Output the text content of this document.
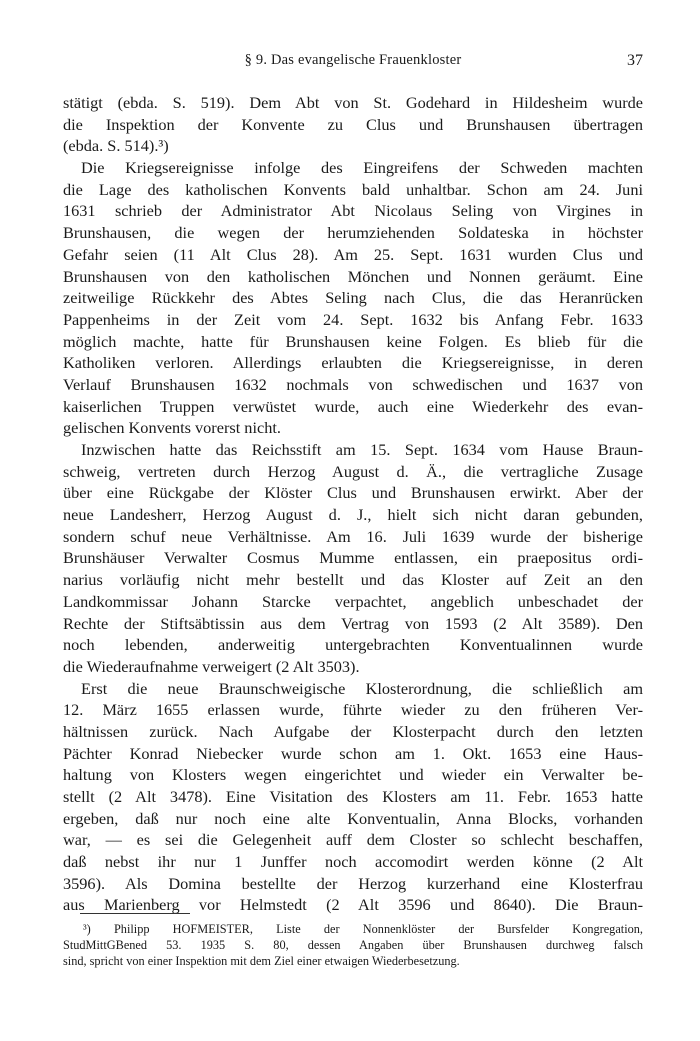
§ 9. Das evangelische Frauenkloster	37
stätigt (ebda. S. 519). Dem Abt von St. Godehard in Hildesheim wurde
die Inspektion der Konvente zu Clus und Brunshausen übertragen
(ebda. S. 514).³)
Die Kriegsereignisse infolge des Eingreifens der Schweden machten
die Lage des katholischen Konvents bald unhaltbar. Schon am 24. Juni
1631 schrieb der Administrator Abt Nicolaus Seling von Virgines in
Brunshausen, die wegen der herumziehenden Soldateska in höchster
Gefahr seien (11 Alt Clus 28). Am 25. Sept. 1631 wurden Clus und
Brunshausen von den katholischen Mönchen und Nonnen geräumt. Eine
zeitweilige Rückkehr des Abtes Seling nach Clus, die das Heranrücken
Pappenheims in der Zeit vom 24. Sept. 1632 bis Anfang Febr. 1633
möglich machte, hatte für Brunshausen keine Folgen. Es blieb für die
Katholiken verloren. Allerdings erlaubten die Kriegsereignisse, in deren
Verlauf Brunshausen 1632 nochmals von schwedischen und 1637 von
kaiserlichen Truppen verwüstet wurde, auch eine Wiederkehr des evan-
gelischen Konvents vorerst nicht.
Inzwischen hatte das Reichsstift am 15. Sept. 1634 vom Hause Braun-
schweig, vertreten durch Herzog August d. Ä., die vertragliche Zusage
über eine Rückgabe der Klöster Clus und Brunshausen erwirkt. Aber der
neue Landesherr, Herzog August d. J., hielt sich nicht daran gebunden,
sondern schuf neue Verhältnisse. Am 16. Juli 1639 wurde der bisherige
Brunshäuser Verwalter Cosmus Mumme entlassen, ein praepositus ordi-
narius vorläufig nicht mehr bestellt und das Kloster auf Zeit an den
Landkommissar Johann Starcke verpachtet, angeblich unbeschadet der
Rechte der Stiftsäbtissin aus dem Vertrag von 1593 (2 Alt 3589). Den
noch lebenden, anderweitig untergebrachten Konventualinnen wurde
die Wiederaufnahme verweigert (2 Alt 3503).
Erst die neue Braunschweigische Klosterordnung, die schließlich am
12. März 1655 erlassen wurde, führte wieder zu den früheren Ver-
hältnissen zurück. Nach Aufgabe der Klosterpacht durch den letzten
Pächter Konrad Niebecker wurde schon am 1. Okt. 1653 eine Haus-
haltung von Klosters wegen eingerichtet und wieder ein Verwalter be-
stellt (2 Alt 3478). Eine Visitation des Klosters am 11. Febr. 1653 hatte
ergeben, daß nur noch eine alte Konventualin, Anna Blocks, vorhanden
war, — es sei die Gelegenheit auff dem Closter so schlecht beschaffen,
daß nebst ihr nur 1 Junffer noch accomodirt werden könne (2 Alt
3596). Als Domina bestellte der Herzog kurzerhand eine Klosterfrau
aus Marienberg vor Helmstedt (2 Alt 3596 und 8640). Die Braun-
³) Philipp HOFMEISTER, Liste der Nonnenklöster der Bursfelder Kongregation,
StudMittGBened 53. 1935 S. 80, dessen Angaben über Brunshausen durchweg falsch
sind, spricht von einer Inspektion mit dem Ziel einer etwaigen Wiederbesetzung.
